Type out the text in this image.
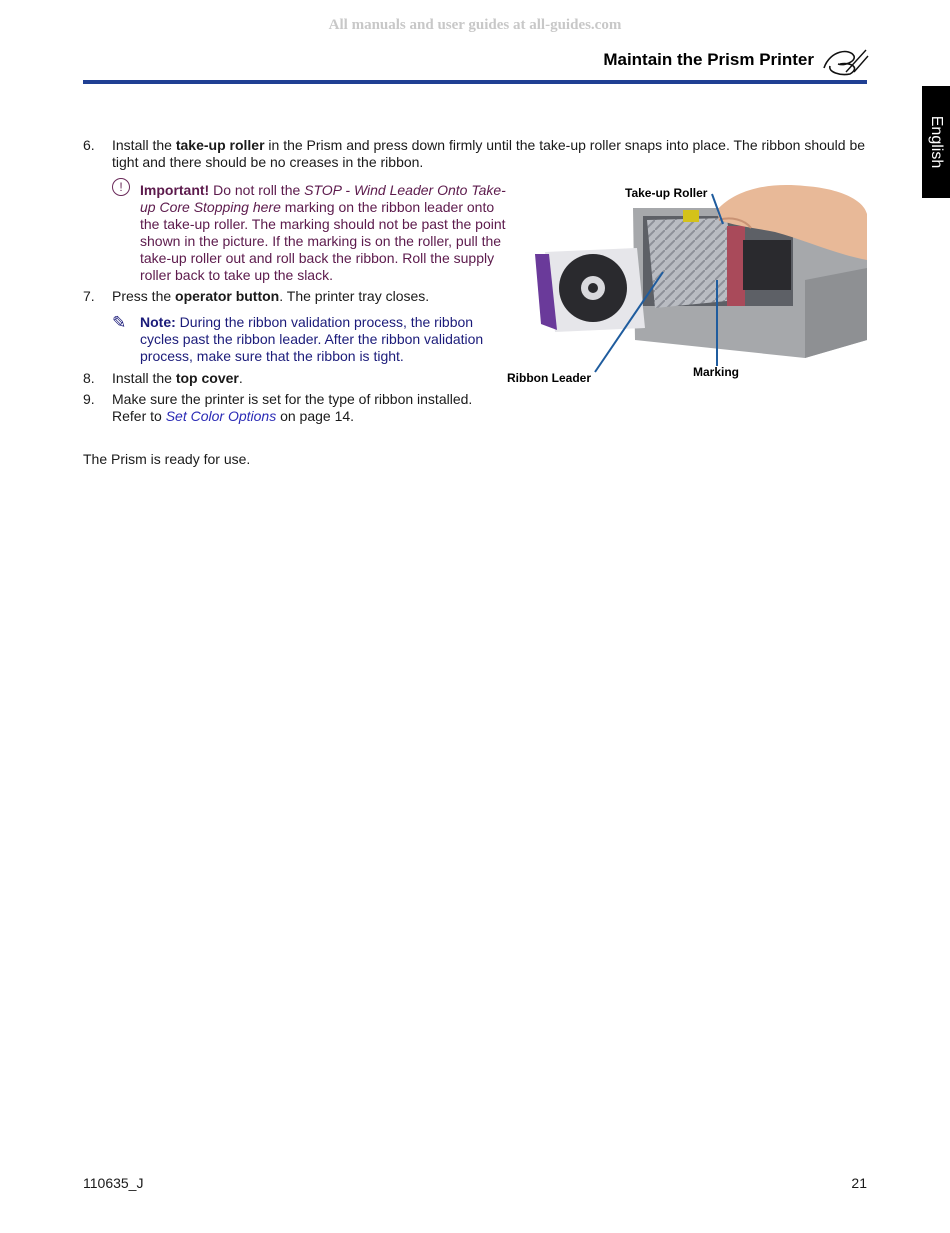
All manuals and user guides at all-guides.com
Maintain the Prism Printer
English
6. Install the take-up roller in the Prism and press down firmly until the take-up roller snaps into place. The ribbon should be
tight and there should be no creases in the ribbon.
!	Important! Do not roll the STOP - Wind Leader Onto Take-
up Core Stopping here marking on the ribbon leader onto
the take-up roller. The marking should not be past the point
shown in the picture. If the marking is on the roller, pull the
take-up roller out and roll back the ribbon. Roll the supply
roller back to take up the slack.
7. Press the operator button. The printer tray closes.
✎ Note: During the ribbon validation process, the ribbon
cycles past the ribbon leader. After the ribbon validation
process, make sure that the ribbon is tight.
8. Install the top cover.
9. Make sure the printer is set for the type of ribbon installed.
Refer to Set Color Options on page 14.
Take-up Roller
Ribbon Leader	Marking
The Prism is ready for use.
110635_J	21
